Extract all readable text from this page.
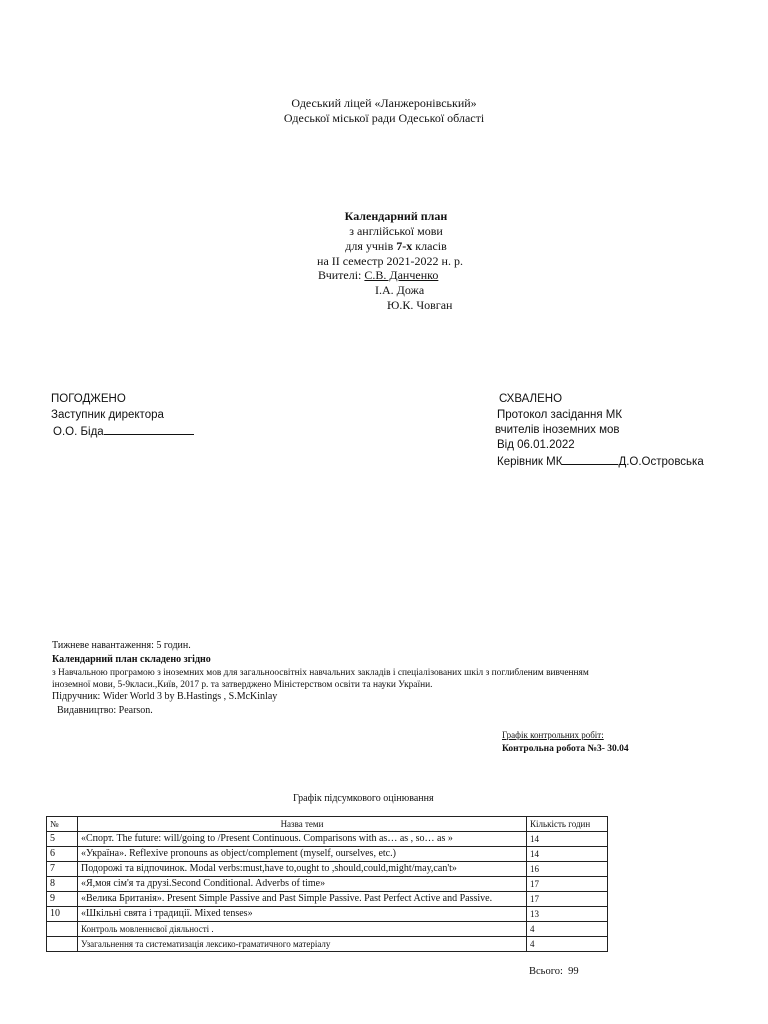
Одеський ліцей «Ланжеронівський»
Одеської міської ради Одеської області
Календарний план
з англійської мови
для учнів 7-х класів
на II семестр 2021-2022 н. р.
Вчителі: С.В. Данченко
І.А. Дожа
Ю.К. Човган
ПОГОДЖЕНО
Заступник директора
О.О. Біда
СХВАЛЕНО
Протокол засідання МК
вчителів іноземних мов
Від 06.01.2022
Керівник МК	Д.О.Островська
Тижневе навантаження: 5 годин.
Календарний план складено згідно
з Навчальною програмою з іноземних мов для загальноосвітніх навчальних закладів і спеціалізованих шкіл з поглибленим вивченням
іноземної мови, 5-9класи.,Київ, 2017 р. та затверджено Міністерством освіти та науки України.
Підручник: Wider World 3 by B.Hastings , S.McKinlay
Видавництво: Pearson.
Графік контрольних робіт:
Контрольна робота №3- 30.04
Графік підсумкового оцінювання
№	Назва теми	Кількість годин
5	«Спорт. The future: will/going to /Present Continuous. Comparisons with as… as , so… as »	14
6	«Україна». Reflexive pronouns as object/complement (myself, ourselves, etc.)	14
7	Подорожі та відпочинок. Modal verbs:must,have to,ought to ,should,could,might/may,can't»	16
8	«Я,моя сім'я та друзі.Second Conditional. Adverbs of time»	17
9	«Велика Британія». Present Simple Passive and Past Simple Passive. Past Perfect Active and Passive.	17
10	«Шкільні свята і традиції. Mixed tenses»	13
	Контроль мовленнєвої діяльності .	4
	Узагальнення та систематизація лексико-граматичного матеріалу	4
Всього: 99
